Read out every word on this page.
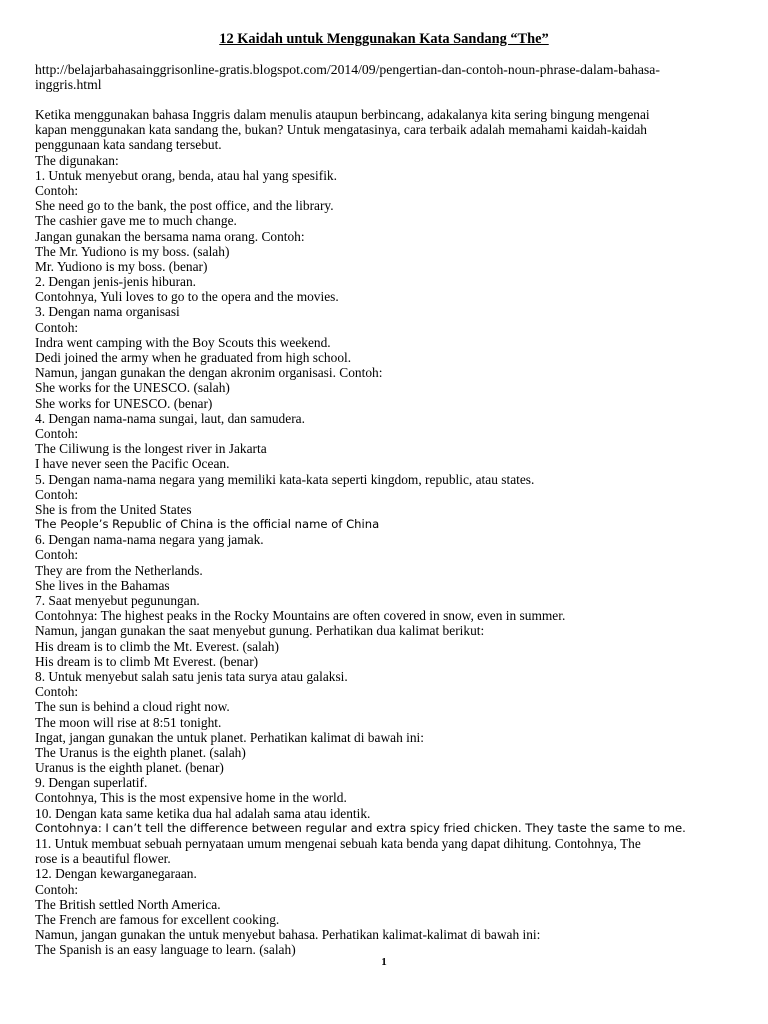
12 Kaidah untuk Menggunakan Kata Sandang “The”
http://belajarbahasainggrisonline-gratis.blogspot.com/2014/09/pengertian-dan-contoh-noun-phrase-dalam-bahasa-
inggris.html
Ketika menggunakan bahasa Inggris dalam menulis ataupun berbincang, adakalanya kita sering bingung mengenai
kapan menggunakan kata sandang the, bukan? Untuk mengatasinya, cara terbaik adalah memahami kaidah-kaidah
penggunaan kata sandang tersebut.
The digunakan:
1. Untuk menyebut orang, benda, atau hal yang spesifik.
Contoh:
She need go to the bank, the post office, and the library.
The cashier gave me to much change.
Jangan gunakan the bersama nama orang. Contoh:
The Mr. Yudiono is my boss. (salah)
Mr. Yudiono is my boss. (benar)
2. Dengan jenis-jenis hiburan.
Contohnya, Yuli loves to go to the opera and the movies.
3. Dengan nama organisasi
Contoh:
Indra went camping with the Boy Scouts this weekend.
Dedi joined the army when he graduated from high school.
Namun, jangan gunakan the dengan akronim organisasi. Contoh:
She works for the UNESCO. (salah)
She works for UNESCO. (benar)
4. Dengan nama-nama sungai, laut, dan samudera.
Contoh:
The Ciliwung is the longest river in Jakarta
I have never seen the Pacific Ocean.
5. Dengan nama-nama negara yang memiliki kata-kata seperti kingdom, republic, atau states.
Contoh:
She is from the United States
The People’s Republic of China is the official name of China
6. Dengan nama-nama negara yang jamak.
Contoh:
They are from the Netherlands.
She lives in the Bahamas
7. Saat menyebut pegunungan.
Contohnya: The highest peaks in the Rocky Mountains are often covered in snow, even in summer.
Namun, jangan gunakan the saat menyebut gunung. Perhatikan dua kalimat berikut:
His dream is to climb the Mt. Everest. (salah)
His dream is to climb Mt Everest. (benar)
8. Untuk menyebut salah satu jenis tata surya atau galaksi.
Contoh:
The sun is behind a cloud right now.
The moon will rise at 8:51 tonight.
Ingat, jangan gunakan the untuk planet. Perhatikan kalimat di bawah ini:
The Uranus is the eighth planet. (salah)
Uranus is the eighth planet. (benar)
9. Dengan superlatif.
Contohnya, This is the most expensive home in the world.
10. Dengan kata same ketika dua hal adalah sama atau identik.
Contohnya: I can’t tell the difference between regular and extra spicy fried chicken. They taste the same to me.
11. Untuk membuat sebuah pernyataan umum mengenai sebuah kata benda yang dapat dihitung. Contohnya, The
rose is a beautiful flower.
12. Dengan kewarganegaraan.
Contoh:
The British settled North America.
The French are famous for excellent cooking.
Namun, jangan gunakan the untuk menyebut bahasa. Perhatikan kalimat-kalimat di bawah ini:
The Spanish is an easy language to learn. (salah)
1
